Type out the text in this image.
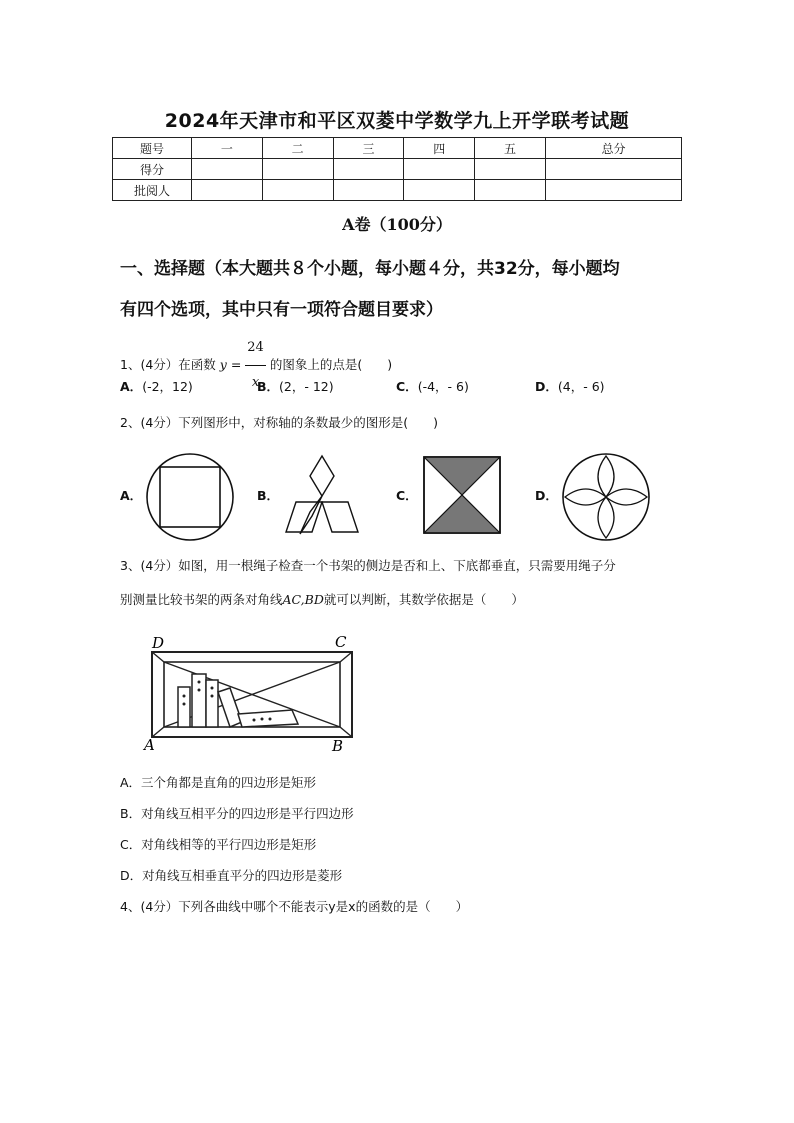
2024年天津市和平区双菱中学数学九上开学联考试题
题号	一	二	三	四	五	总分
得分						
批阅人						
A卷（100分）
一、选择题（本大题共８个小题，每小题４分，共32分，每小题均
有四个选项，其中只有一项符合题目要求）
1、(4分）在函数 $y = \frac{24}{x}$ 的图象上的点是(　　)
A．(-2，12)	B．(2，- 12)	C．(-4，- 6)	D．(4，- 6)
2、(4分）下列图形中，对称轴的条数最少的图形是(　　)
A．	B．	C．	D．
3、(4分）如图，用一根绳子检查一个书架的侧边是否和上、下底都垂直，只需要用绳子分
别测量比较书架的两条对角线AC,BD就可以判断，其数学依据是（　　）
D	C
A	B
A．三个角都是直角的四边形是矩形
B．对角线互相平分的四边形是平行四边形
C．对角线相等的平行四边形是矩形
D．对角线互相垂直平分的四边形是菱形
4、(4分）下列各曲线中哪个不能表示y是x的函数的是（　　）
